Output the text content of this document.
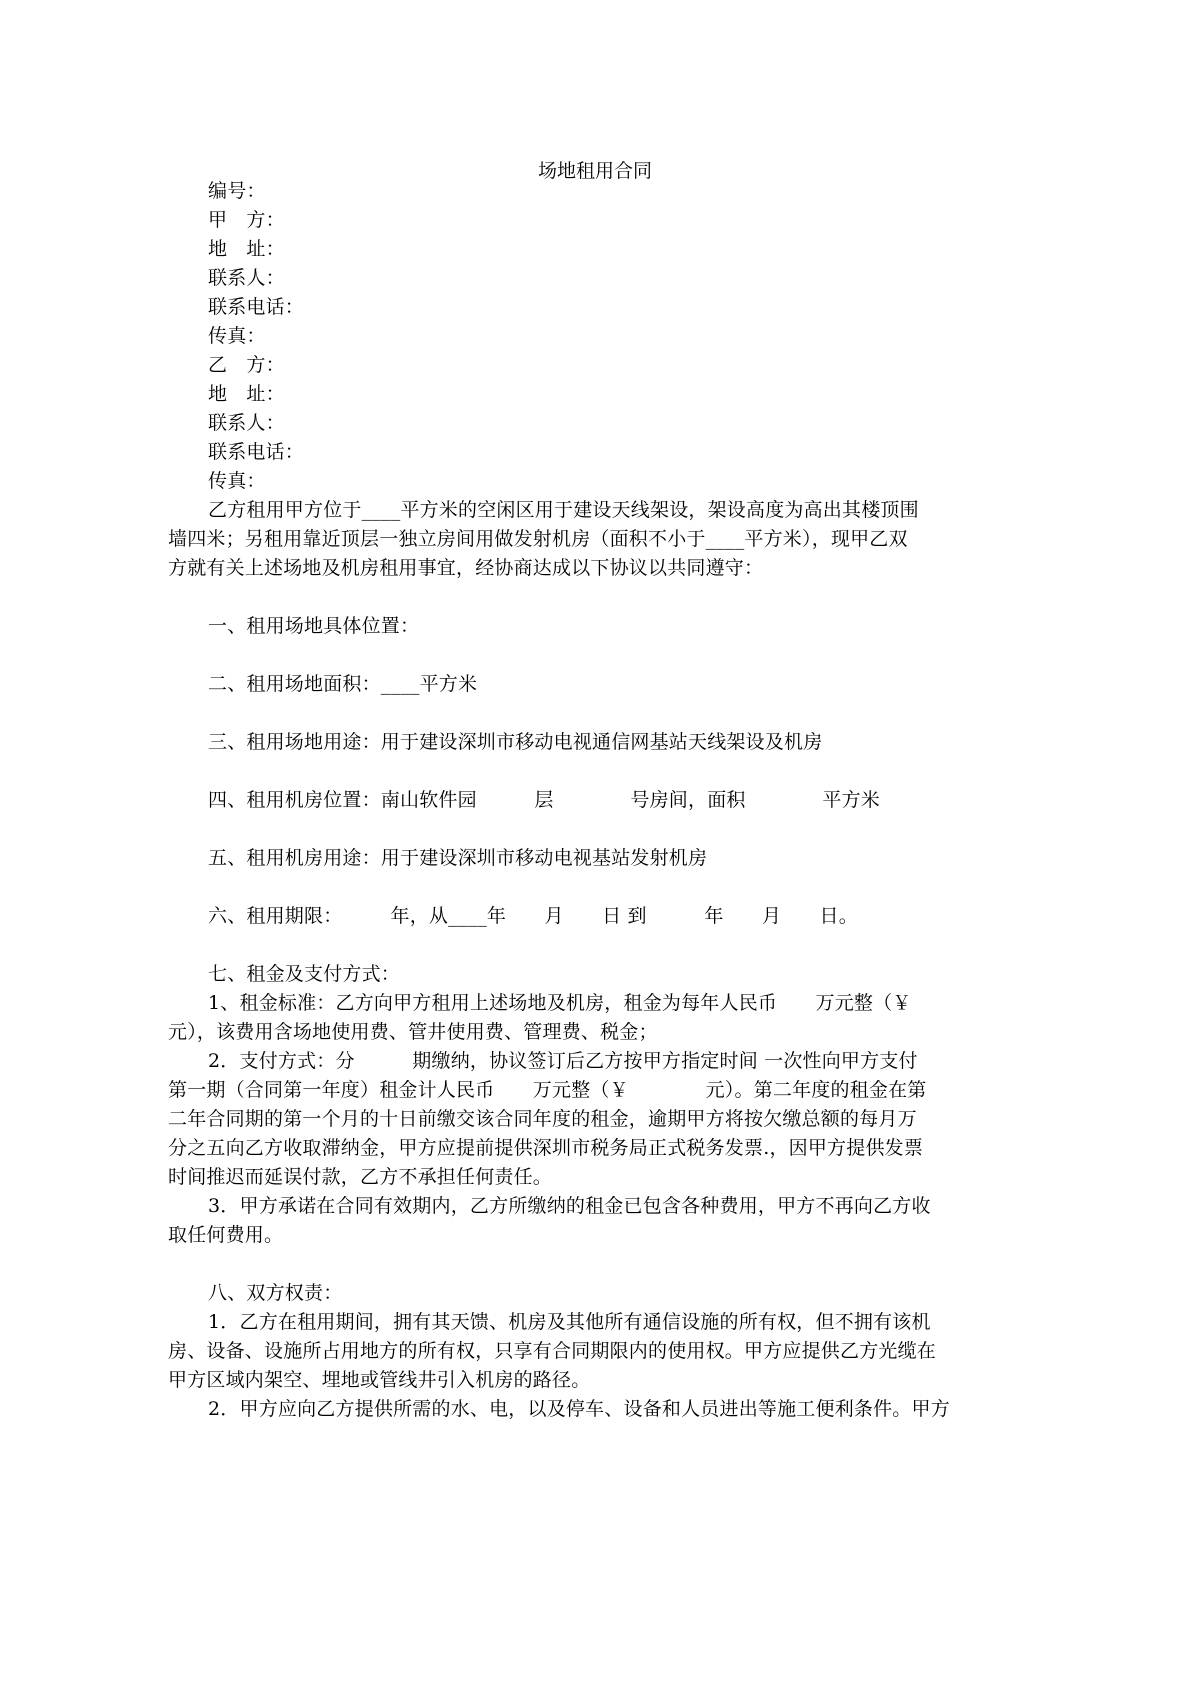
场地租用合同
编号：
甲　方：
地　址：
联系人：
联系电话：
传真：
乙　方：
地　址：
联系人：
联系电话：
传真：
乙方租用甲方位于____平方米的空闲区用于建设天线架设，架设高度为高出其楼顶围
墙四米；另租用靠近顶层一独立房间用做发射机房（面积不小于____平方米），现甲乙双
方就有关上述场地及机房租用事宜，经协商达成以下协议以共同遵守：
一、租用场地具体位置：
二、租用场地面积：____平方米
三、租用场地用途：用于建设深圳市移动电视通信网基站天线架设及机房
四、租用机房位置：南山软件园　　　层　　　　号房间，面积　　　　平方米
五、租用机房用途：用于建设深圳市移动电视基站发射机房
六、租用期限：　　　年，从____年　　月　　日 到　　　年　　月　　日。
七、租金及支付方式：
1、租金标准：乙方向甲方租用上述场地及机房，租金为每年人民币　　万元整（￥
元），该费用含场地使用费、管井使用费、管理费、税金；
2．支付方式：分　　　期缴纳，协议签订后乙方按甲方指定时间 一次性向甲方支付
第一期（合同第一年度）租金计人民币　　万元整（￥　　　　元）。第二年度的租金在第
二年合同期的第一个月的十日前缴交该合同年度的租金，逾期甲方将按欠缴总额的每月万
分之五向乙方收取滞纳金，甲方应提前提供深圳市税务局正式税务发票.，因甲方提供发票
时间推迟而延误付款，乙方不承担任何责任。
3．甲方承诺在合同有效期内，乙方所缴纳的租金已包含各种费用，甲方不再向乙方收
取任何费用。
八、双方权责：
1．乙方在租用期间，拥有其天馈、机房及其他所有通信设施的所有权，但不拥有该机
房、设备、设施所占用地方的所有权，只享有合同期限内的使用权。甲方应提供乙方光缆在
甲方区域内架空、埋地或管线井引入机房的路径。
2．甲方应向乙方提供所需的水、电，以及停车、设备和人员进出等施工便利条件。甲方
